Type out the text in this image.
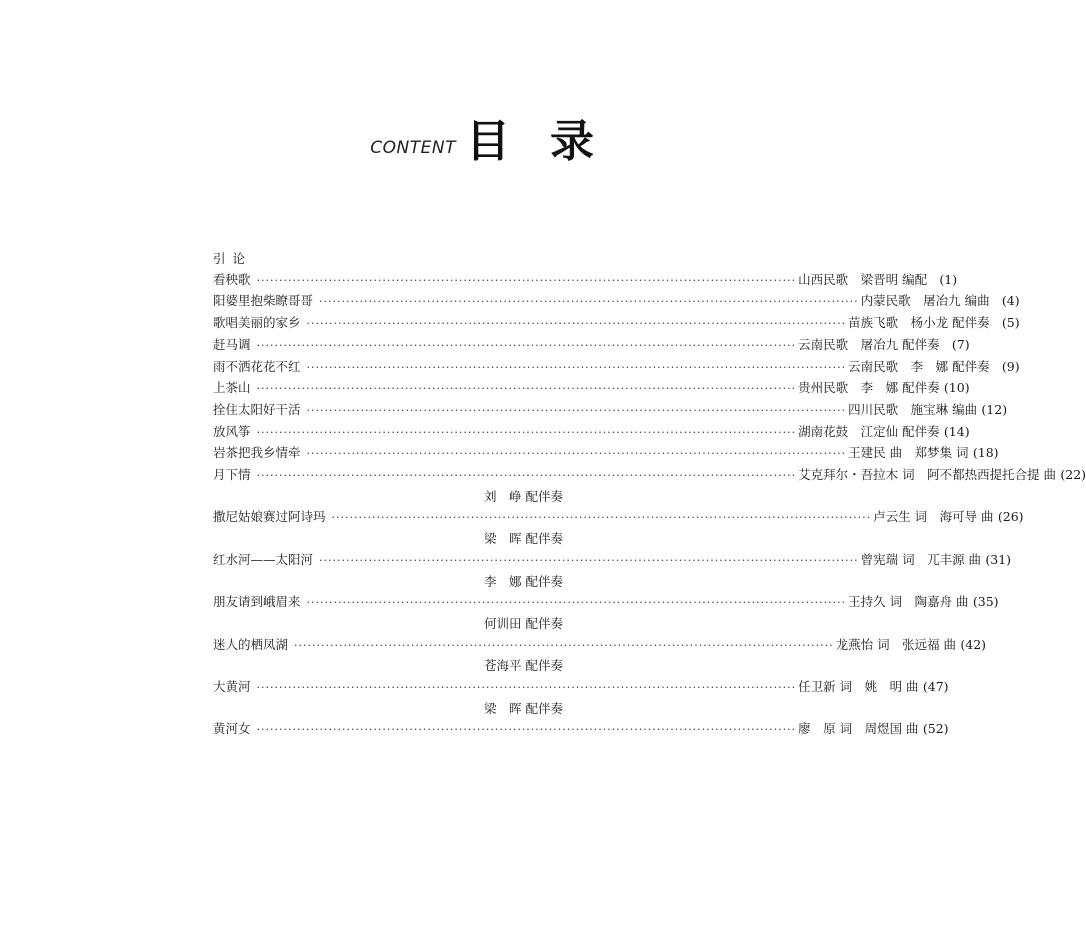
CONTENT 目录
引论
看秧歌 ························································································································ 山西民歌　梁晋明 编配 (1)
阳婆里抱柴瞭哥哥 ························································································································ 内蒙民歌　屠冶九 编曲 (4)
歌唱美丽的家乡 ························································································································ 苗族飞歌　杨小龙 配伴奏 (5)
赶马调 ························································································································ 云南民歌　屠冶九 配伴奏 (7)
雨不洒花花不红 ························································································································ 云南民歌　李　娜 配伴奏 (9)
上茶山 ························································································································ 贵州民歌　李　娜 配伴奏 (10)
拴住太阳好干活 ························································································································ 四川民歌　施宝琳 编曲 (12)
放风筝 ························································································································ 湖南花鼓　江定仙 配伴奏 (14)
岩茶把我乡情牵 ························································································································ 王建民 曲　郑梦集 词 (18)
月下情 ························································································································ 艾克拜尔・吾拉木 词　阿不都热西提托合提 曲 (22)
刘　峥 配伴奏
撒尼姑娘赛过阿诗玛 ························································································································ 卢云生 词　海可导 曲 (26)
梁　晖 配伴奏
红水河——太阳河 ························································································································ 曾宪瑞 词　兀丰源 曲 (31)
李　娜 配伴奏
朋友请到峨眉来 ························································································································ 王持久 词　陶嘉舟 曲 (35)
何训田 配伴奏
迷人的栖凤湖 ························································································································ 龙燕怡 词　张远福 曲 (42)
苍海平 配伴奏
大黄河 ························································································································ 任卫新 词　姚　明 曲 (47)
梁　晖 配伴奏
黄河女 ························································································································ 廖　原 词　周煜国 曲 (52)
